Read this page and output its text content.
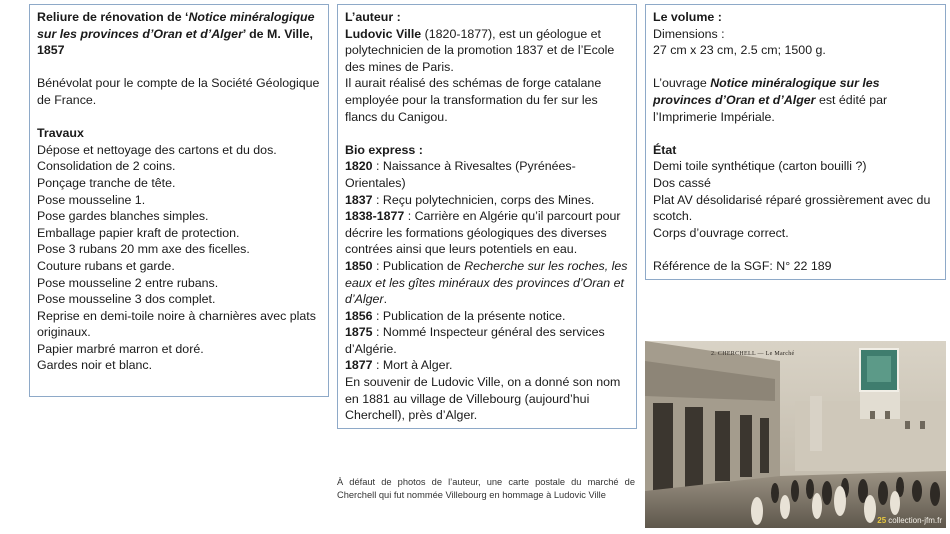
Reliure de rénovation de ‘Notice minéralogique sur les provinces d’Oran et d’Alger’ de M. Ville, 1857

Bénévolat pour le compte de la Société Géologique de France.

Travaux

Dépose et nettoyage des cartons et du dos.

Consolidation de 2 coins.

Ponçage tranche de tête.

Pose mousseline 1.

Pose gardes blanches simples.

Emballage papier kraft de protection.

Pose 3 rubans 20 mm axe des ficelles.

Couture rubans et garde.

Pose mousseline 2 entre rubans.

Pose mousseline 3 dos complet.

Reprise en demi-toile noire à charnières avec plats originaux.

Papier marbré marron et doré.

Gardes noir et blanc.

L’auteur :

Ludovic Ville (1820-1877), est un géologue et polytechnicien de la promotion 1837 et de l’Ecole des mines de Paris.

Il aurait réalisé des schémas de forge catalane employée pour la transformation du fer sur les flancs du Canigou.

Bio express :

1820 : Naissance à Rivesaltes (Pyrénées-Orientales)

1837 : Reçu polytechnicien, corps des Mines.

1838-1877 : Carrière en Algérie qu’il parcourt pour décrire les formations géologiques des diverses contrées ainsi que leurs potentiels en eau.

1850 : Publication de Recherche sur les roches, les eaux et les gîtes minéraux des provinces d’Oran et d’Alger.

1856 : Publication de la présente notice.

1875 : Nommé Inspecteur général des services d’Algérie.

1877 : Mort à Alger.

En souvenir de Ludovic Ville, on a donné son nom en 1881 au village de Villebourg (aujourd’hui Cherchell), près d’Alger.

Le volume :

Dimensions :

27 cm x 23 cm, 2.5 cm; 1500 g.

L’ouvrage Notice minéralogique sur les provinces d’Oran et d’Alger est édité par l’Imprimerie Impériale.

État

Demi toile synthétique (carton bouilli ?)

Dos cassé

Plat AV désolidarisé réparé grossièrement avec du scotch.

Corps d’ouvrage correct.

Référence de la SGF: N° 22 189

À défaut de photos de l’auteur, une carte postale du marché de Cherchell qui fut nommée Villebourg en hommage à Ludovic Ville
2. CHERCHELL — Le Marché
25 collection-jfm.fr
